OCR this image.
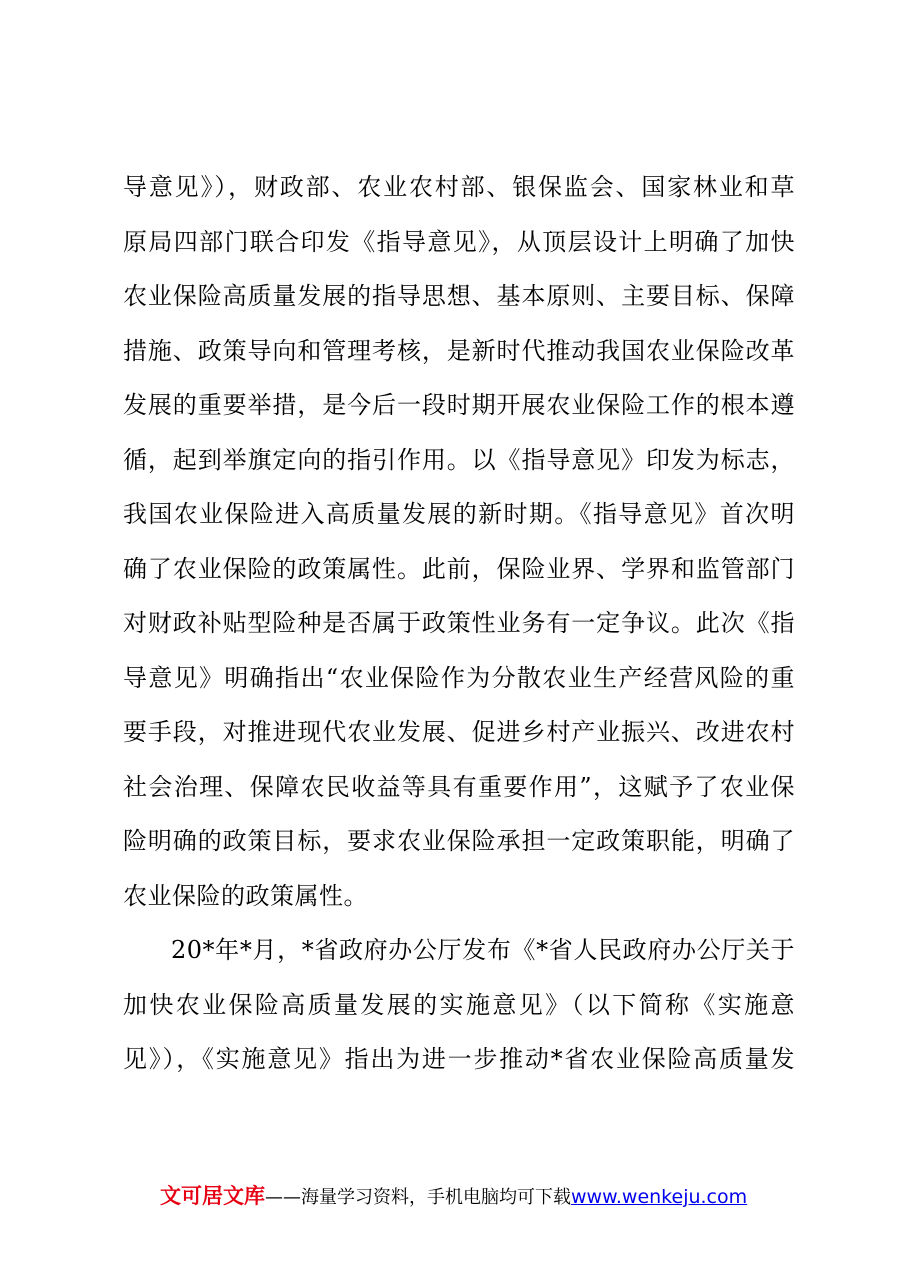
导意见》），财政部、农业农村部、银保监会、国家林业和草
原局四部门联合印发《指导意见》，从顶层设计上明确了加快
农业保险高质量发展的指导思想、基本原则、主要目标、保障
措施、政策导向和管理考核，是新时代推动我国农业保险改革
发展的重要举措，是今后一段时期开展农业保险工作的根本遵
循，起到举旗定向的指引作用。以《指导意见》印发为标志，
我国农业保险进入高质量发展的新时期。《指导意见》首次明
确了农业保险的政策属性。此前，保险业界、学界和监管部门
对财政补贴型险种是否属于政策性业务有一定争议。此次《指
导意见》明确指出“农业保险作为分散农业生产经营风险的重
要手段，对推进现代农业发展、促进乡村产业振兴、改进农村
社会治理、保障农民收益等具有重要作用”，这赋予了农业保
险明确的政策目标，要求农业保险承担一定政策职能，明确了
农业保险的政策属性。
20*年*月，*省政府办公厅发布《*省人民政府办公厅关于
加快农业保险高质量发展的实施意见》（以下简称《实施意
见》），《实施意见》指出为进一步推动*省农业保险高质量发
文可居文库——海量学习资料，手机电脑均可下载www.wenkeju.com
